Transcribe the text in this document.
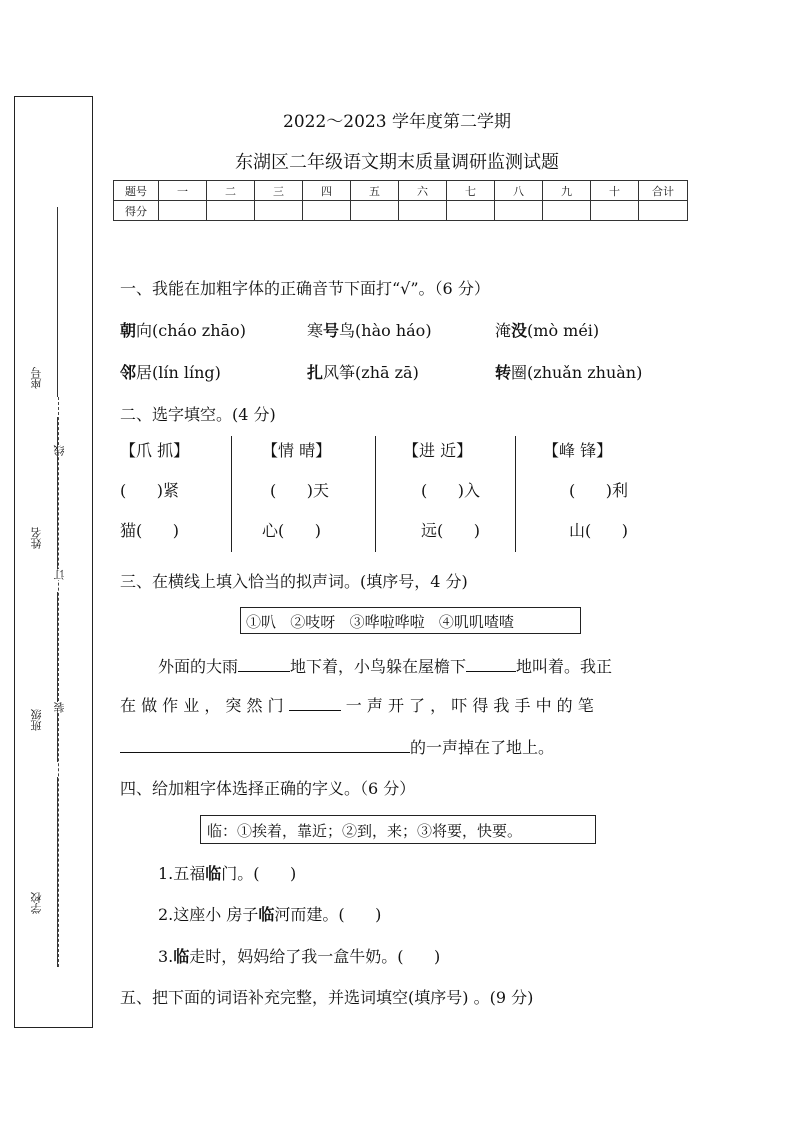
座号
线
姓名
订
班级
装
学校
2022～2023 学年度第二学期
东湖区二年级语文期末质量调研监测试题
题号	一	二	三	四	五	六	七	八	九	十	合计
得分											
一、我能在加粗字体的正确音节下面打“√”。（6 分）
朝向(cháo zhāo)	寒号鸟(hào háo)	淹没(mò méi)
邻居(lín líng)	扎风筝(zhā zā)	转圈(zhuǎn zhuàn)
二、选字填空。(4 分)
【爪 抓】
(      )紧
猫(      )
【情 晴】
(      )天
心(      )
【进 近】
(      )入
远(      )
【峰 锋】
(      )利
山(      )
三、在横线上填入恰当的拟声词。(填序号，4 分)
①叭   ②吱呀   ③哗啦哗啦   ④叽叽喳喳
外面的大雨	地下着，小鸟躲在屋檐下	地叫着。我正
在 做 作 业 ， 突 然 门	一 声 开 了 ， 吓 得 我 手 中 的 笔
的一声掉在了地上。
四、给加粗字体选择正确的字义。（6 分）
临：①挨着，靠近；②到，来；③将要，快要。
1.五福临门。(      )
2.这座小 房子临河而建。(      )
3.临走时，妈妈给了我一盒牛奶。(      )
五、把下面的词语补充完整，并选词填空(填序号) 。(9 分)
